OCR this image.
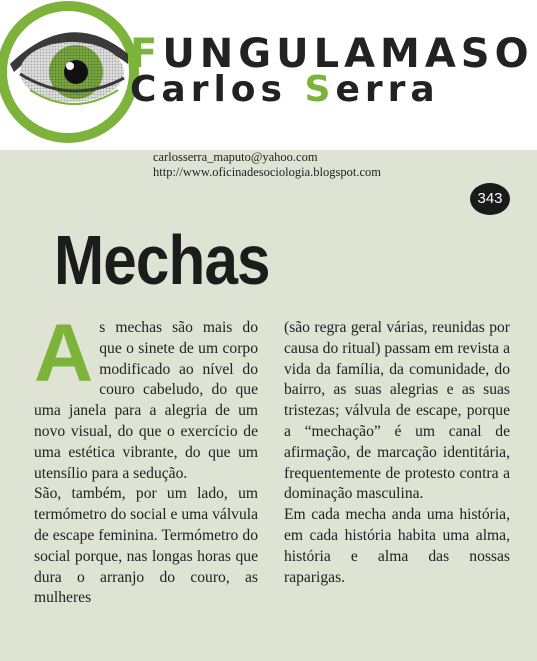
FUNGULAMASO
Carlos Serra
carlosserra_maputo@yahoo.com
http://www.oficinadesociologia.blogspot.com
343
Mechas
A s mechas são mais do que o sinete de um corpo modificado ao nível do couro cabeludo, do que uma janela para a alegria de um novo visual, do que o exercício de uma estética vibrante, do que um utensílio para a sedução.

São, também, por um lado, um termómetro do social e uma válvula de escape feminina. Termómetro do social porque, nas longas horas que dura o arranjo do couro, as mulheres

(são regra geral várias, reunidas por causa do ritual) passam em revista a vida da família, da comunidade, do bairro, as suas alegrias e as suas tristezas; válvula de escape, porque a “mechação” é um canal de afirmação, de marcação identitária, frequentemente de protesto contra a dominação masculina.

Em cada mecha anda uma história, em cada história habita uma alma, história e alma das nossas raparigas.
